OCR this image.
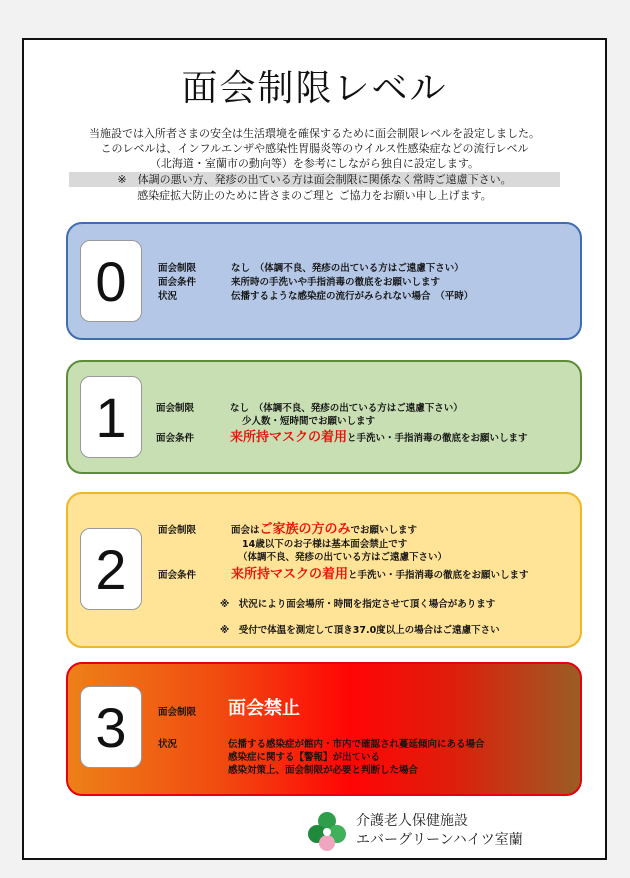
面会制限レベル
当施設では入所者さまの安全は生活環境を確保するために面会制限レベルを設定しました。
このレベルは、インフルエンザや感染性胃腸炎等のウイルス性感染症などの流行レベル
（北海道・室蘭市の動向等）を参考にしながら独自に設定します。
※　体調の悪い方、発疹の出ている方は面会制限に関係なく常時ご遠慮下さい。
感染症拡大防止のために皆さまのご理と ご協力をお願い申し上げます。
0	面会制限	なし　（体調不良、発疹の出ている方はご遠慮下さい）
面会条件	来所時の手洗いや手指消毒の徹底をお願いします
状況	伝播するような感染症の流行がみられない場合　（平時）
1	面会制限	なし　（体調不良、発疹の出ている方はご遠慮下さい）
少人数・短時間でお願いします
面会条件	来所持マスクの着用と手洗い・手指消毒の徹底をお願いします
2
面会制限	面会はご家族の方のみでお願いします
14歳以下のお子様は基本面会禁止です
（体調不良、発疹の出ている方はご遠慮下さい）
面会条件	来所持マスクの着用と手洗い・手指消毒の徹底をお願いします
※　状況により面会場所・時間を指定させて頂く場合があります
※　受付で体温を測定して頂き37.0度以上の場合はご遠慮下さい
3	面会制限 面会禁止
状況	伝播する感染症が館内・市内で確認され蔓延傾向にある場合
感染症に関する【警報】が出ている
感染対策上、面会制限が必要と判断した場合
介護老人保健施設
エバーグリーンハイツ室蘭
